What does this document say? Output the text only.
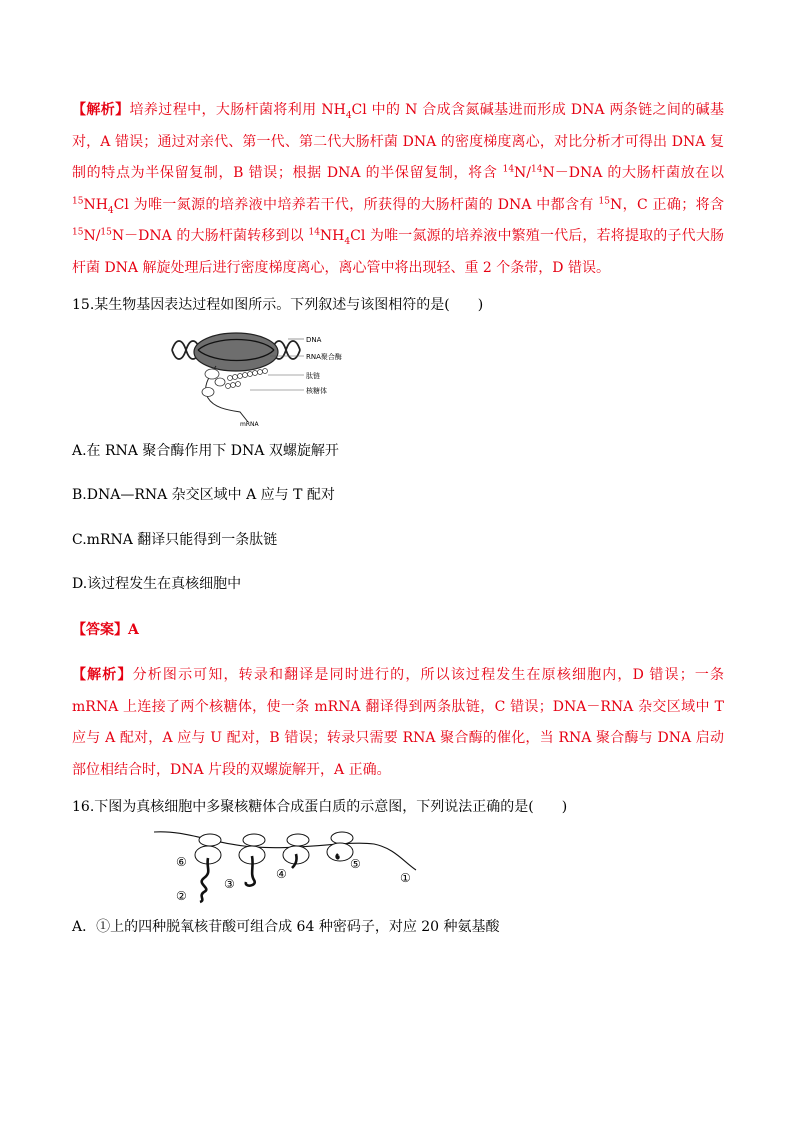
【解析】培养过程中，大肠杆菌将利用 $NH_4Cl$ 中的 N 合成含氮碱基进而形成 DNA 两条链之间的碱基对，A 错误；通过对亲代、第一代、第二代大肠杆菌 DNA 的密度梯度离心，对比分析才可得出 DNA 复制的特点为半保留复制，B 错误；根据 DNA 的半保留复制，将含 $^{14}$N/$^{14}$N－DNA 的大肠杆菌放在以 $^{15}NH_4Cl$ 为唯一氮源的培养液中培养若干代，所获得的大肠杆菌的 DNA 中都含有 $^{15}$N，C 正确；将含 $^{15}$N/$^{15}$N－DNA 的大肠杆菌转移到以 $^{14}NH_4Cl$ 为唯一氮源的培养液中繁殖一代后，若将提取的子代大肠杆菌 DNA 解旋处理后进行密度梯度离心，离心管中将出现轻、重 2 个条带，D 错误。

15.某生物基因表达过程如图所示。下列叙述与该图相符的是(　　)

DNA
RNA聚合酶
肽链
核糖体
mRNA

A.在 RNA 聚合酶作用下 DNA 双螺旋解开

B.DNA—RNA 杂交区域中 A 应与 T 配对

C.mRNA 翻译只能得到一条肽链

D.该过程发生在真核细胞中

【答案】A

【解析】分析图示可知，转录和翻译是同时进行的，所以该过程发生在原核细胞内，D 错误；一条 mRNA 上连接了两个核糖体，使一条 mRNA 翻译得到两条肽链，C 错误；DNA－RNA 杂交区域中 T 应与 A 配对，A 应与 U 配对，B 错误；转录只需要 RNA 聚合酶的催化，当 RNA 聚合酶与 DNA 启动部位相结合时，DNA 片段的双螺旋解开，A 正确。

16.下图为真核细胞中多聚核糖体合成蛋白质的示意图，下列说法正确的是(　　)

⑥
②
③
④
⑤
①

A．①上的四种脱氧核苷酸可组合成 64 种密码子，对应 20 种氨基酸
